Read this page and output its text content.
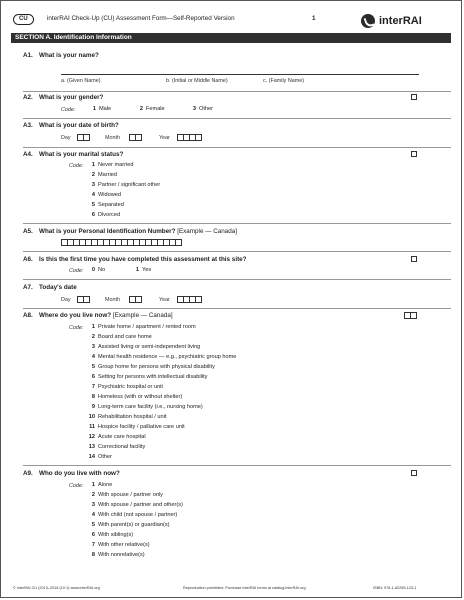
CU	interRAI Check-Up (CU) Assessment Form—Self-Reported Version	1	interRAI
SECTION A. Identification Information
A1. What is your name?
a. (Given Name)	b. (Initial or Middle Name)	c. (Family Name)
A2. What is your gender?
Code:	1 Male	2 Female	3 Other
A3. What is your date of birth?
Day	Month	Year
A4. What is your marital status?
Code:	1 Never married
2 Married
3 Partner / significant other
4 Widowed
5 Separated
6 Divorced
A5. What is your Personal Identification Number? [Example — Canada]
A6. Is this the first time you have completed this assessment at this site?
Code:	0 No	1 Yes
A7. Today's date
Day	Month	Year
A8. Where do you live now? [Example — Canada]
Code:	1 Private home / apartment / rented room
2 Board and care home
3 Assisted living or semi-independent living
4 Mental health residence — e.g., psychiatric group home
5 Group home for persons with physical disability
6 Setting for persons with intellectual disability
7 Psychiatric hospital or unit
8 Homeless (with or without shelter)
9 Long-term care facility (i.e., nursing home)
10 Rehabilitation hospital / unit
11 Hospice facility / palliative care unit
12 Acute care hospital
13 Correctional facility
14 Other
A9. Who do you live with now?
Code:	1 Alone
2 With spouse / partner only
3 With spouse / partner and other(s)
4 With child (not spouse / partner)
5 With parent(s) or guardian(s)
6 With sibling(s)
7 With other relative(s)
8 With nonrelative(s)
© interRAI CU (2013–2018 (10.1) www.interRAI.org	Reproduction prohibited. Purchase interRAI forms at catalog.interRAI.org	ISBN: 978-1-62255-123-1
